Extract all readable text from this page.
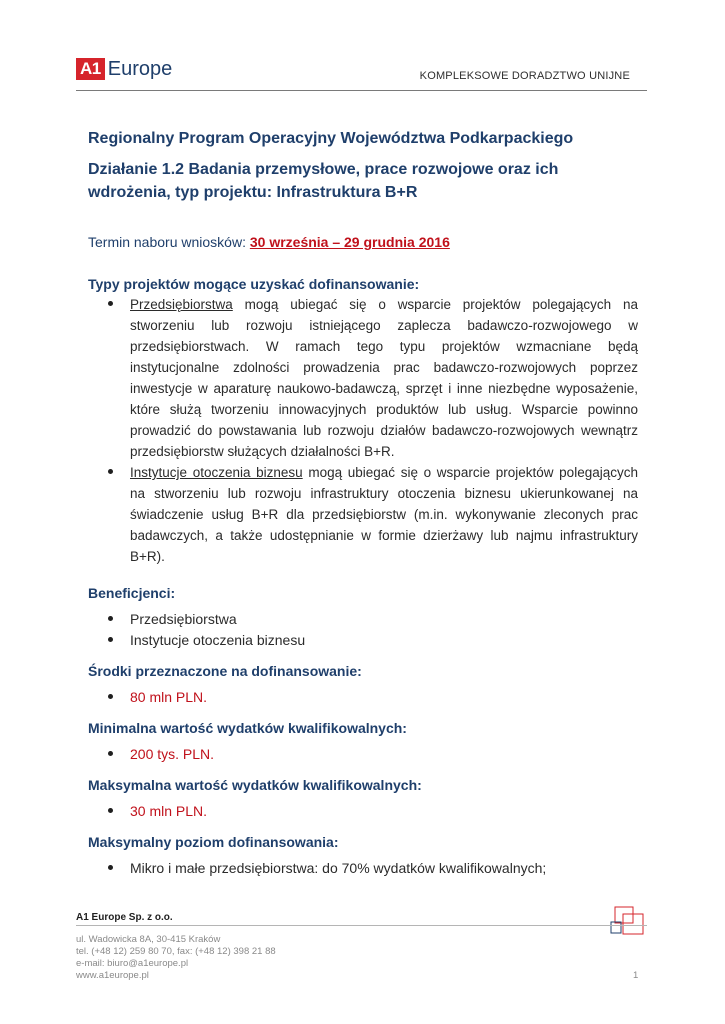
A1 Europe	KOMPLEKSOWE DORADZTWO UNIJNE
Regionalny Program Operacyjny Województwa Podkarpackiego
Działanie 1.2 Badania przemysłowe, prace rozwojowe oraz ich wdrożenia, typ projektu: Infrastruktura B+R
Termin naboru wniosków: 30 września – 29 grudnia 2016
Typy projektów mogące uzyskać dofinansowanie:
Przedsiębiorstwa mogą ubiegać się o wsparcie projektów polegających na stworzeniu lub rozwoju istniejącego zaplecza badawczo-rozwojowego w przedsiębiorstwach. W ramach tego typu projektów wzmacniane będą instytucjonalne zdolności prowadzenia prac badawczo-rozwojowych poprzez inwestycje w aparaturę naukowo-badawczą, sprzęt i inne niezbędne wyposażenie, które służą tworzeniu innowacyjnych produktów lub usług. Wsparcie powinno prowadzić do powstawania lub rozwoju działów badawczo-rozwojowych wewnątrz przedsiębiorstw służących działalności B+R.
Instytucje otoczenia biznesu mogą ubiegać się o wsparcie projektów polegających na stworzeniu lub rozwoju infrastruktury otoczenia biznesu ukierunkowanej na świadczenie usług B+R dla przedsiębiorstw (m.in. wykonywanie zleconych prac badawczych, a także udostępnianie w formie dzierżawy lub najmu infrastruktury B+R).
Beneficjenci:
Przedsiębiorstwa
Instytucje otoczenia biznesu
Środki przeznaczone na dofinansowanie:
80 mln PLN.
Minimalna wartość wydatków kwalifikowalnych:
200 tys. PLN.
Maksymalna wartość wydatków kwalifikowalnych:
30 mln PLN.
Maksymalny poziom dofinansowania:
Mikro i małe przedsiębiorstwa: do 70% wydatków kwalifikowalnych;
A1 Europe Sp. z o.o.
ul. Wadowicka 8A, 30-415 Kraków
tel. (+48 12) 259 80 70, fax: (+48 12) 398 21 88
e-mail: biuro@a1europe.pl
www.a1europe.pl	1
